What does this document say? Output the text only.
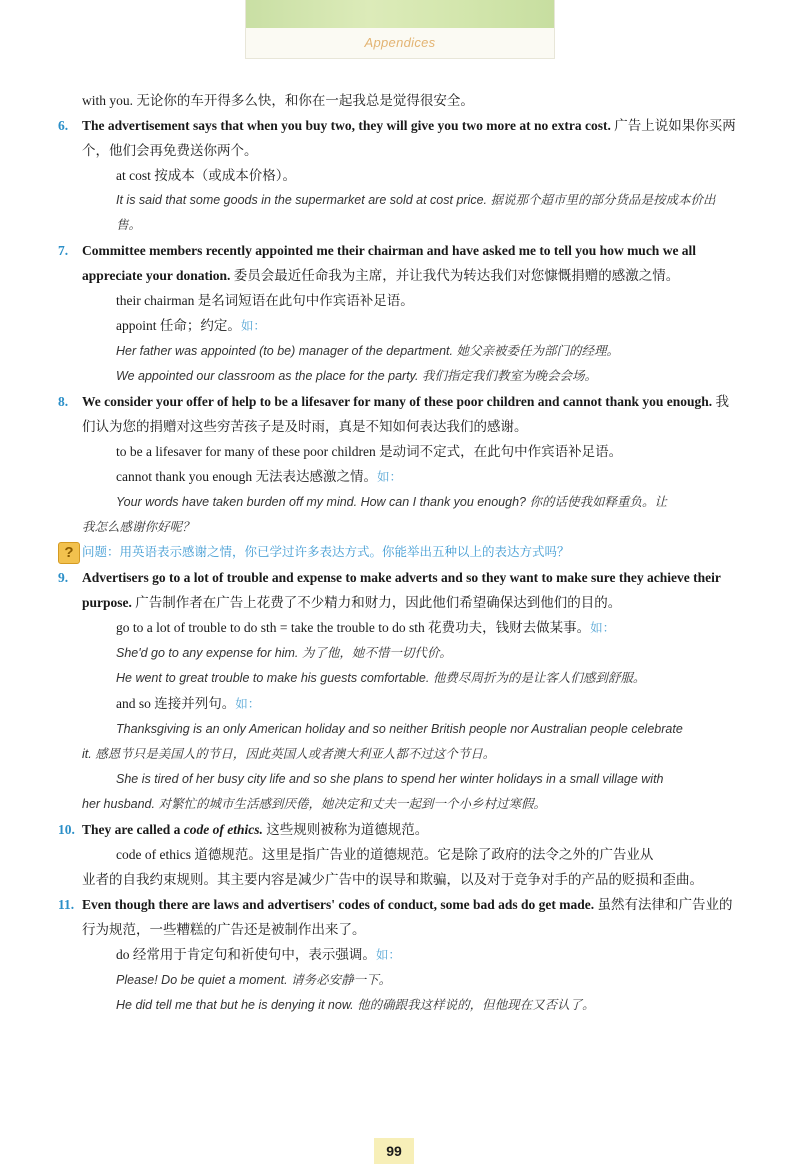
Appendices

with you. 无论你的车开得多么快，和你在一起我总是觉得很安全。

6. The advertisement says that when you buy two, they will give you two more at no extra cost. 广告上说如果你买两个，他们会再免费送你两个。

at cost 按成本（或成本价格）。

It is said that some goods in the supermarket are sold at cost price. 据说那个超市里的部分货品是按成本价出售。

7. Committee members recently appointed me their chairman and have asked me to tell you how much we all appreciate your donation. 委员会最近任命我为主席，并让我代为转达我们对您慷慨捐赠的感激之情。

their chairman 是名词短语在此句中作宾语补足语。

appoint 任命；约定。如：

Her father was appointed (to be) manager of the department. 她父亲被委任为部门的经理。

We appointed our classroom as the place for the party. 我们指定我们教室为晚会会场。

8. We consider your offer of help to be a lifesaver for many of these poor children and cannot thank you enough. 我们认为您的捐赠对这些穷苦孩子是及时雨，真是不知如何表达我们的感谢。

to be a lifesaver for many of these poor children 是动词不定式，在此句中作宾语补足语。

cannot thank you enough 无法表达感激之情。如：

Your words have taken burden off my mind. How can I thank you enough? 你的话使我如释重负。让

我怎么感谢你好呢？

? 问题：用英语表示感谢之情，你已学过许多表达方式。你能举出五种以上的表达方式吗？

9. Advertisers go to a lot of trouble and expense to make adverts and so they want to make sure they achieve their purpose. 广告制作者在广告上花费了不少精力和财力，因此他们希望确保达到他们的目的。

go to a lot of trouble to do sth = take the trouble to do sth 花费功夫，钱财去做某事。如：

She'd go to any expense for him. 为了他，她不惜一切代价。

He went to great trouble to make his guests comfortable. 他费尽周折为的是让客人们感到舒服。

and so 连接并列句。如：

Thanksgiving is an only American holiday and so neither British people nor Australian people celebrate

it. 感恩节只是美国人的节日，因此英国人或者澳大利亚人都不过这个节日。

She is tired of her busy city life and so she plans to spend her winter holidays in a small village with

her husband. 对繁忙的城市生活感到厌倦，她决定和丈夫一起到一个小乡村过寒假。

10. They are called a code of ethics. 这些规则被称为道德规范。

code of ethics 道德规范。这里是指广告业的道德规范。它是除了政府的法令之外的广告业从

业者的自我约束规则。其主要内容是减少广告中的误导和欺骗，以及对于竞争对手的产品的贬损和歪曲。

11. Even though there are laws and advertisers' codes of conduct, some bad ads do get made. 虽然有法律和广告业的行为规范，一些糟糕的广告还是被制作出来了。

do 经常用于肯定句和祈使句中，表示强调。如：

Please! Do be quiet a moment. 请务必安静一下。

He did tell me that but he is denying it now. 他的确跟我这样说的，但他现在又否认了。

99
